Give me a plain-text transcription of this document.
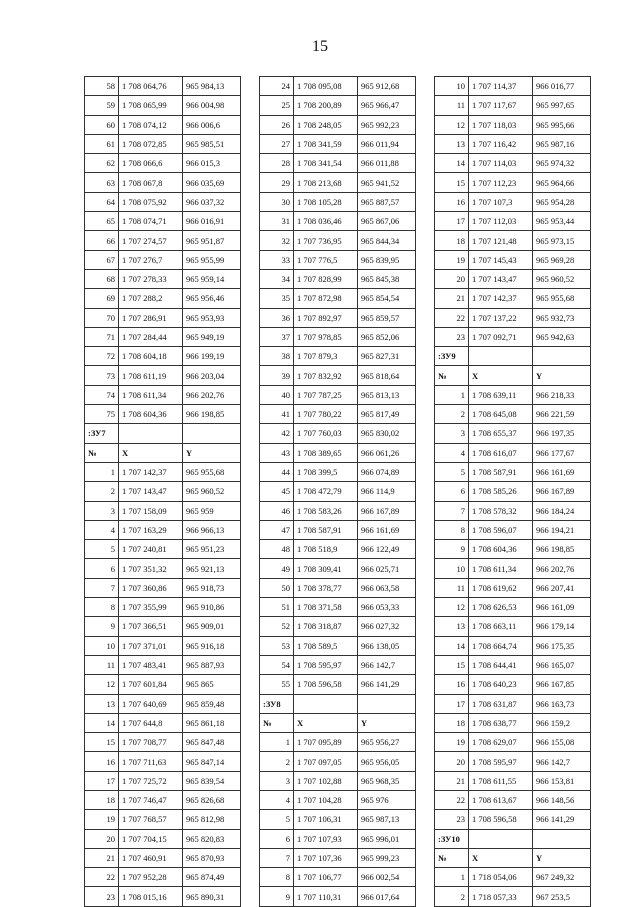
15
58	1 708 064,76	965 984,13
59	1 708 065,99	966 004,98
60	1 708 074,12	966 006,6
61	1 708 072,85	965 985,51
62	1 708 066,6	966 015,3
63	1 708 067,8	966 035,69
64	1 708 075,92	966 037,32
65	1 708 074,71	966 016,91
66	1 707 274,57	965 951,87
67	1 707 276,7	965 955,99
68	1 707 278,33	965 959,14
69	1 707 288,2	965 956,46
70	1 707 286,91	965 953,93
71	1 707 284,44	965 949,19
72	1 708 604,18	966 199,19
73	1 708 611,19	966 203,04
74	1 708 611,34	966 202,76
75	1 708 604,36	966 198,85
:ЗУ7		
№	X	Y
1	1 707 142,37	965 955,68
2	1 707 143,47	965 960,52
3	1 707 158,09	965 959
4	1 707 163,29	966 966,13
5	1 707 240,81	965 951,23
6	1 707 351,32	965 921,13
7	1 707 360,86	965 918,73
8	1 707 355,99	965 910,86
9	1 707 366,51	965 909,01
10	1 707 371,01	965 916,18
11	1 707 483,41	965 887,93
12	1 707 601,84	965 865
13	1 707 640,69	965 859,48
14	1 707 644,8	965 861,18
15	1 707 708,77	965 847,48
16	1 707 711,63	965 847,14
17	1 707 725,72	965 839,54
18	1 707 746,47	965 826,68
19	1 707 768,57	965 812,98
20	1 707 704,15	965 820,83
21	1 707 460,91	965 870,93
22	1 707 952,28	965 874,49
23	1 708 015,16	965 890,31
24	1 708 095,08	965 912,68
25	1 708 200,89	965 966,47
26	1 708 248,05	965 992,23
27	1 708 341,59	966 011,94
28	1 708 341,54	966 011,88
29	1 708 213,68	965 941,52
30	1 708 105,28	965 887,57
31	1 708 036,46	965 867,06
32	1 707 736,95	965 844,34
33	1 707 776,5	965 839,95
34	1 707 828,99	965 845,38
35	1 707 872,98	965 854,54
36	1 707 892,97	965 859,57
37	1 707 978,85	965 852,06
38	1 707 879,3	965 827,31
39	1 707 832,92	965 818,64
40	1 707 787,25	965 813,13
41	1 707 780,22	965 817,49
42	1 707 760,03	965 830,02
43	1 708 389,65	966 061,26
44	1 708 399,5	966 074,89
45	1 708 472,79	966 114,9
46	1 708 583,26	966 167,89
47	1 708 587,91	966 161,69
48	1 708 518,9	966 122,49
49	1 708 309,41	966 025,71
50	1 708 378,77	966 063,58
51	1 708 371,58	966 053,33
52	1 708 318,87	966 027,32
53	1 708 589,5	966 138,05
54	1 708 595,97	966 142,7
55	1 708 596,58	966 141,29
:ЗУ8		
№	X	Y
1	1 707 095,89	965 956,27
2	1 707 097,05	965 956,05
3	1 707 102,88	965 968,35
4	1 707 104,28	965 976
5	1 707 106,31	965 987,13
6	1 707 107,93	965 996,01
7	1 707 107,36	965 999,23
8	1 707 106,77	966 002,54
9	1 707 110,31	966 017,64
10	1 707 114,37	966 016,77
11	1 707 117,67	965 997,65
12	1 707 118,03	965 995,66
13	1 707 116,42	965 987,16
14	1 707 114,03	965 974,32
15	1 707 112,23	965 964,66
16	1 707 107,3	965 954,28
17	1 707 112,03	965 953,44
18	1 707 121,48	965 973,15
19	1 707 145,43	965 969,28
20	1 707 143,47	965 960,52
21	1 707 142,37	965 955,68
22	1 707 137,22	965 932,73
23	1 707 092,71	965 942,63
:ЗУ9		
№	X	Y
1	1 708 639,11	966 218,33
2	1 708 645,08	966 221,59
3	1 708 655,37	966 197,35
4	1 708 616,07	966 177,67
5	1 708 587,91	966 161,69
6	1 708 585,26	966 167,89
7	1 708 578,32	966 184,24
8	1 708 596,07	966 194,21
9	1 708 604,36	966 198,85
10	1 708 611,34	966 202,76
11	1 708 619,62	966 207,41
12	1 708 626,53	966 161,09
13	1 708 663,11	966 179,14
14	1 708 664,74	966 175,35
15	1 708 644,41	966 165,07
16	1 708 640,23	966 167,85
17	1 708 631,87	966 163,73
18	1 708 638,77	966 159,2
19	1 708 629,07	966 155,08
20	1 708 595,97	966 142,7
21	1 708 611,55	966 153,81
22	1 708 613,67	966 148,56
23	1 708 596,58	966 141,29
:ЗУ10		
№	X	Y
1	1 718 054,06	967 249,32
2	1 718 057,33	967 253,5
